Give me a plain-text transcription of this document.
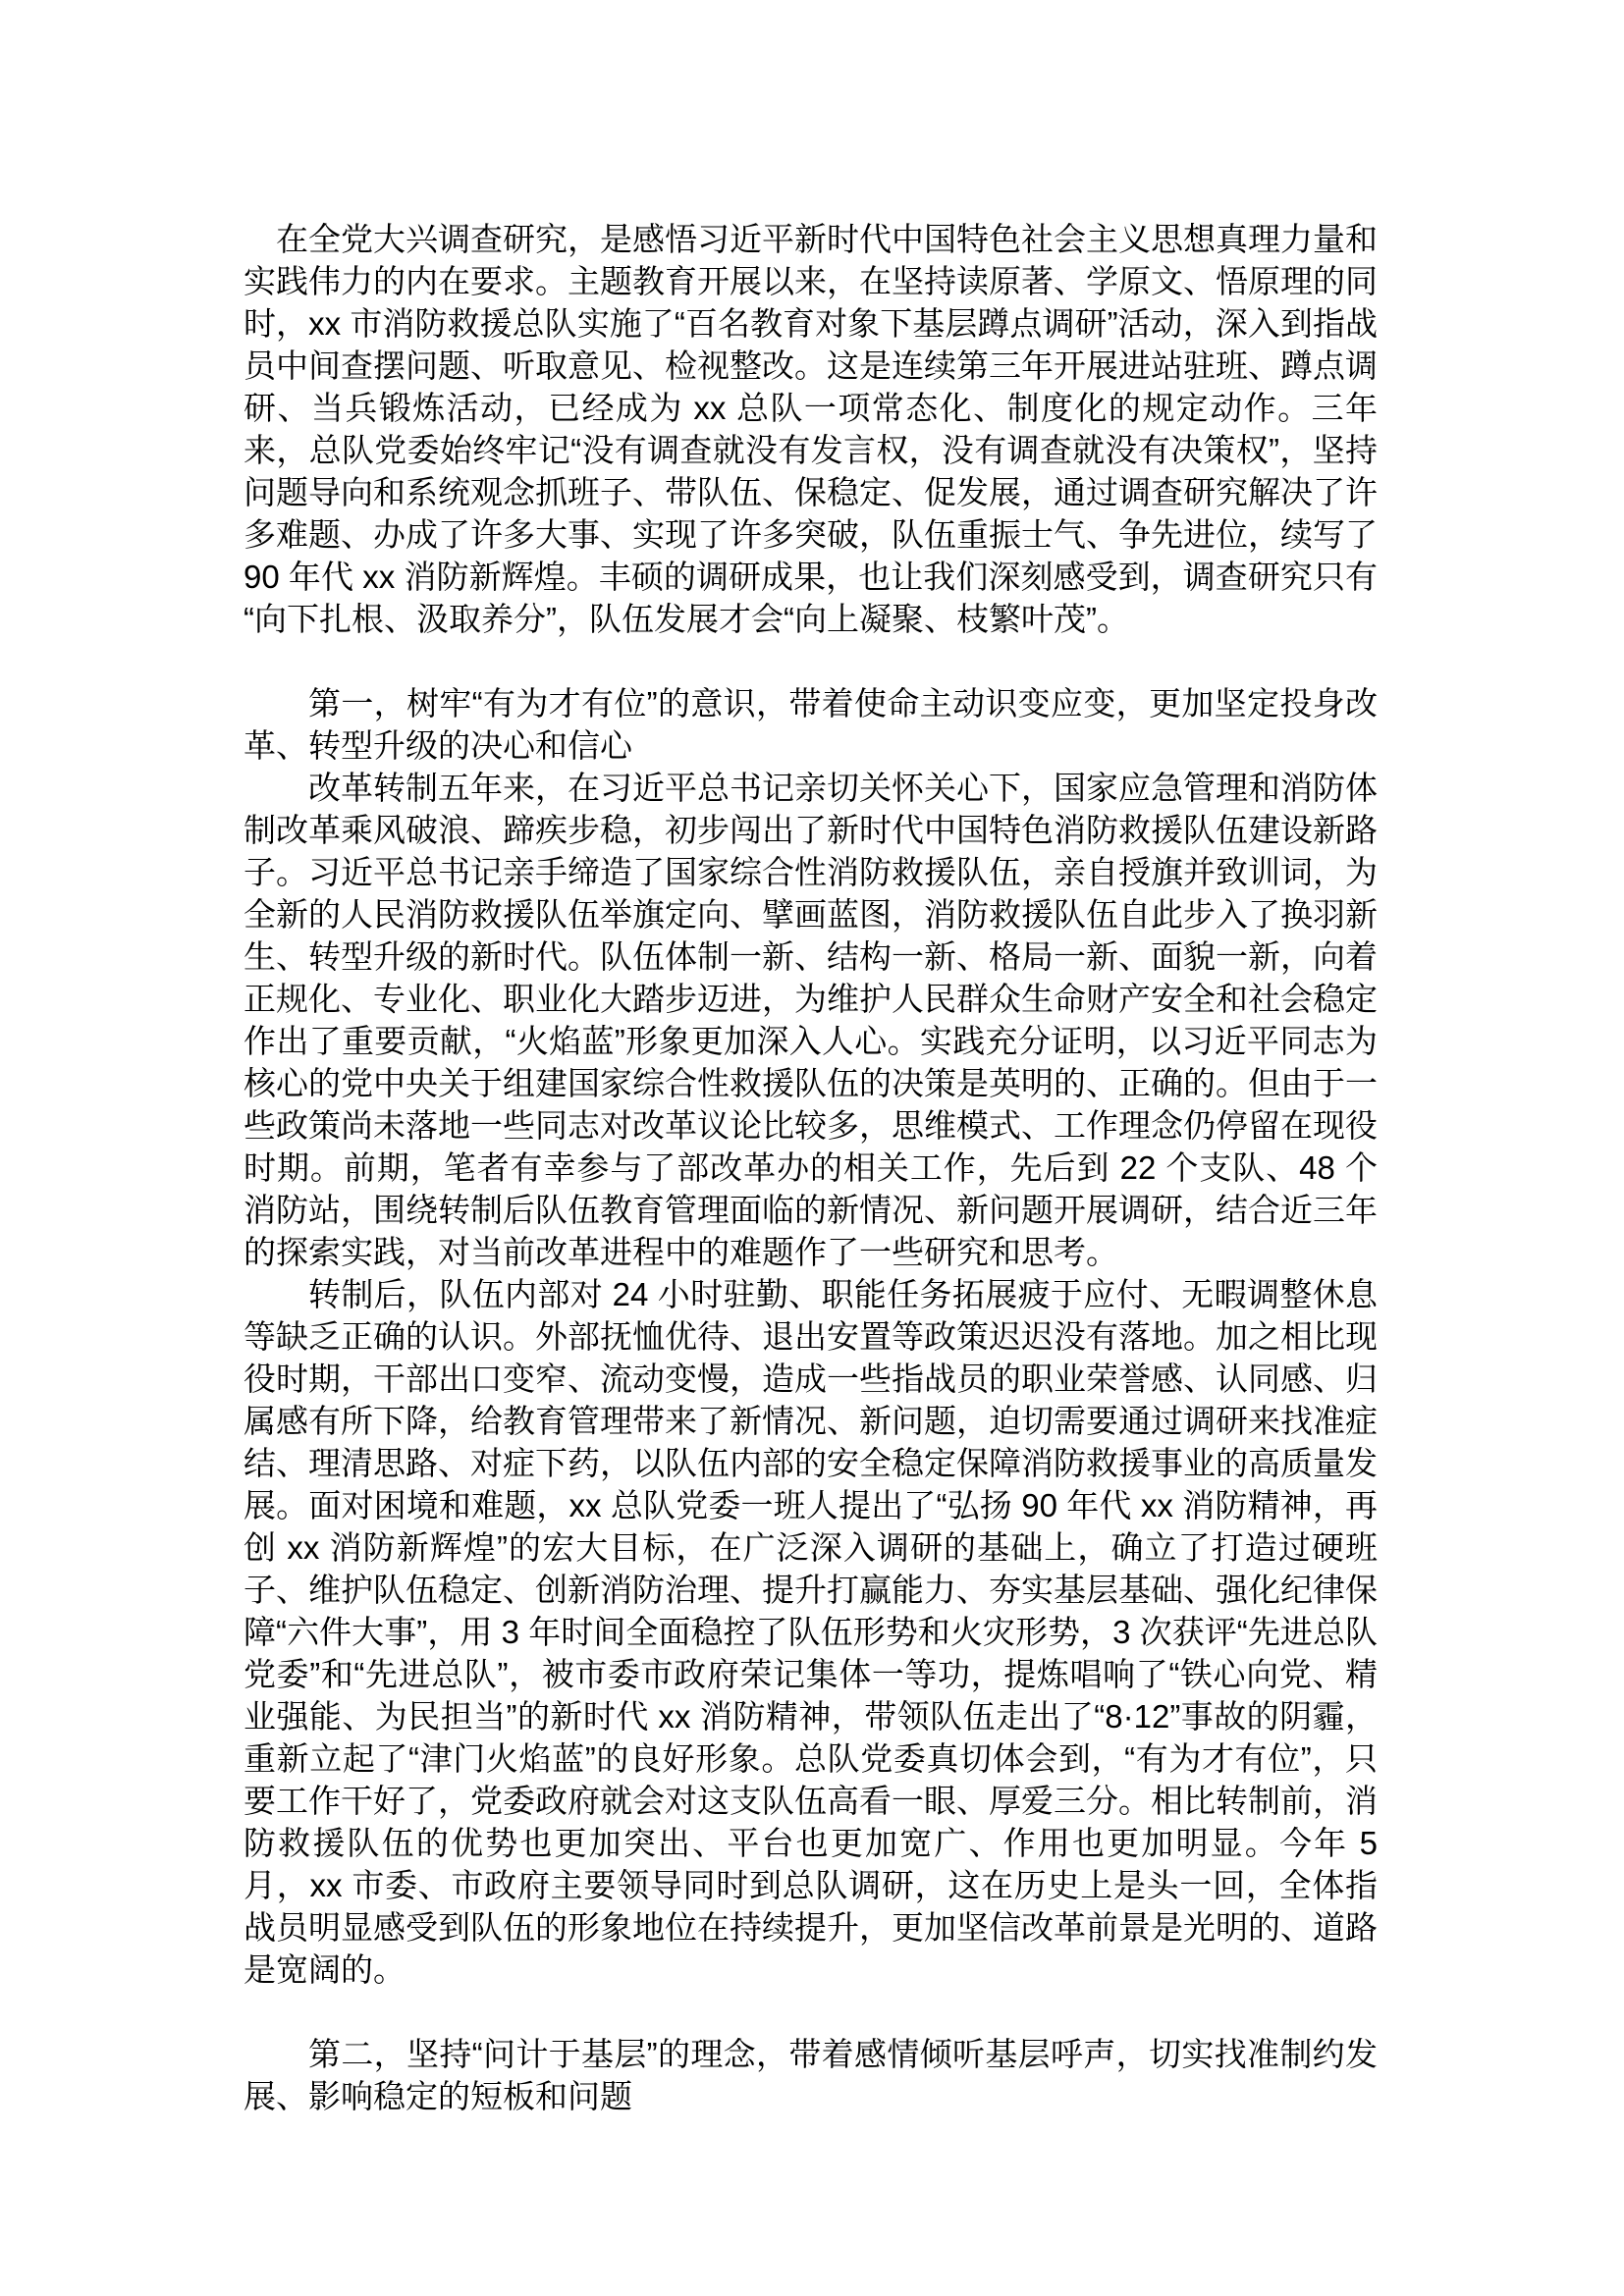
在全党大兴调查研究，是感悟习近平新时代中国特色社会主义思想真理力量和实践伟力的内在要求。主题教育开展以来，在坚持读原著、学原文、悟原理的同时，xx 市消防救援总队实施了“百名教育对象下基层蹲点调研”活动，深入到指战员中间查摆问题、听取意见、检视整改。这是连续第三年开展进站驻班、蹲点调研、当兵锻炼活动，已经成为 xx 总队一项常态化、制度化的规定动作。三年来，总队党委始终牢记“没有调查就没有发言权，没有调查就没有决策权”，坚持问题导向和系统观念抓班子、带队伍、保稳定、促发展，通过调查研究解决了许多难题、办成了许多大事、实现了许多突破，队伍重振士气、争先进位，续写了 90 年代 xx 消防新辉煌。丰硕的调研成果，也让我们深刻感受到，调查研究只有“向下扎根、汲取养分”，队伍发展才会“向上凝聚、枝繁叶茂”。

第一，树牢“有为才有位”的意识，带着使命主动识变应变，更加坚定投身改革、转型升级的决心和信心

改革转制五年来，在习近平总书记亲切关怀关心下，国家应急管理和消防体制改革乘风破浪、蹄疾步稳，初步闯出了新时代中国特色消防救援队伍建设新路子。习近平总书记亲手缔造了国家综合性消防救援队伍，亲自授旗并致训词，为全新的人民消防救援队伍举旗定向、擘画蓝图，消防救援队伍自此步入了换羽新生、转型升级的新时代。队伍体制一新、结构一新、格局一新、面貌一新，向着正规化、专业化、职业化大踏步迈进，为维护人民群众生命财产安全和社会稳定作出了重要贡献，“火焰蓝”形象更加深入人心。实践充分证明，以习近平同志为核心的党中央关于组建国家综合性救援队伍的决策是英明的、正确的。但由于一些政策尚未落地一些同志对改革议论比较多，思维模式、工作理念仍停留在现役时期。前期，笔者有幸参与了部改革办的相关工作，先后到 22 个支队、48 个消防站，围绕转制后队伍教育管理面临的新情况、新问题开展调研，结合近三年的探索实践，对当前改革进程中的难题作了一些研究和思考。

转制后，队伍内部对 24 小时驻勤、职能任务拓展疲于应付、无暇调整休息等缺乏正确的认识。外部抚恤优待、退出安置等政策迟迟没有落地。加之相比现役时期，干部出口变窄、流动变慢，造成一些指战员的职业荣誉感、认同感、归属感有所下降，给教育管理带来了新情况、新问题，迫切需要通过调研来找准症结、理清思路、对症下药，以队伍内部的安全稳定保障消防救援事业的高质量发展。面对困境和难题，xx 总队党委一班人提出了“弘扬 90 年代 xx 消防精神，再创 xx 消防新辉煌”的宏大目标，在广泛深入调研的基础上，确立了打造过硬班子、维护队伍稳定、创新消防治理、提升打赢能力、夯实基层基础、强化纪律保障“六件大事”，用 3 年时间全面稳控了队伍形势和火灾形势，3 次获评“先进总队党委”和“先进总队”，被市委市政府荣记集体一等功，提炼唱响了“铁心向党、精业强能、为民担当”的新时代 xx 消防精神，带领队伍走出了“8·12”事故的阴霾，重新立起了“津门火焰蓝”的良好形象。总队党委真切体会到，“有为才有位”，只要工作干好了，党委政府就会对这支队伍高看一眼、厚爱三分。相比转制前，消防救援队伍的优势也更加突出、平台也更加宽广、作用也更加明显。今年 5 月，xx 市委、市政府主要领导同时到总队调研，这在历史上是头一回，全体指战员明显感受到队伍的形象地位在持续提升，更加坚信改革前景是光明的、道路是宽阔的。

第二，坚持“问计于基层”的理念，带着感情倾听基层呼声，切实找准制约发展、影响稳定的短板和问题
